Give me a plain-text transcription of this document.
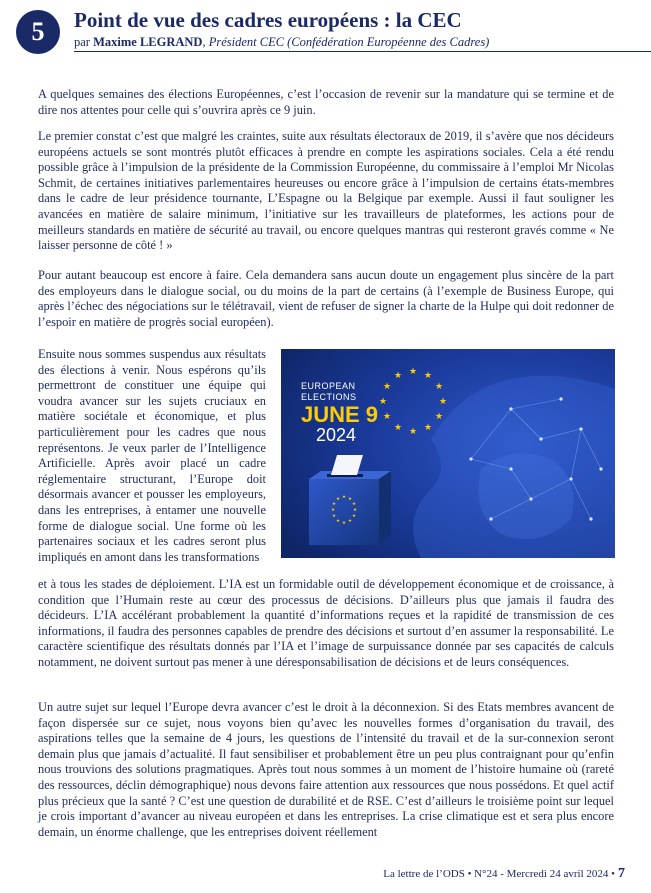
5	Point de vue des cadres européens : la CEC
par Maxime LEGRAND, Président CEC (Confédération Européenne des Cadres)

A quelques semaines des élections Européennes, c’est l’occasion de revenir sur la mandature qui se termine et de dire nos attentes pour celle qui s’ouvrira après ce 9 juin.

Le premier constat c’est que malgré les craintes, suite aux résultats électoraux de 2019, il s’avère que nos décideurs européens actuels se sont montrés plutôt efficaces à prendre en compte les aspirations sociales. Cela a été rendu possible grâce à l’impulsion de la présidente de la Commission Européenne, du commissaire à l’emploi Mr Nicolas Schmit, de certaines initiatives parlementaires heureuses ou encore grâce à l’impulsion de certains états-membres dans le cadre de leur présidence tournante, L’Espagne ou la Belgique par exemple. Aussi il faut souligner les avancées en matière de salaire minimum, l’initiative sur les travailleurs de plateformes, les actions pour de meilleurs standards en matière de sécurité au travail, ou encore quelques mantras qui resteront gravés comme « Ne laisser personne de côté ! »

Pour autant beaucoup est encore à faire. Cela demandera sans aucun doute un engagement plus sincère de la part des employeurs dans le dialogue social, ou du moins de la part de certains (à l’exemple de Business Europe, qui après l’échec des négociations sur le télétravail, vient de refuser de signer la charte de la Hulpe qui doit redonner de l’espoir en matière de progrès social européen).

Ensuite nous sommes suspendus aux résultats des élections à venir. Nous espérons qu’ils permettront de constituer une équipe qui voudra avancer sur les sujets cruciaux en matière sociétale et économique, et plus particulièrement pour les cadres que nous représentons. Je veux parler de l’Intelligence Artificielle. Après avoir placé un cadre réglementaire structurant, l’Europe doit désormais avancer et pousser les employeurs, dans les entreprises, à entamer une nouvelle forme de dialogue social. Une forme où les partenaires sociaux et les cadres seront plus impliqués en amont dans les transformations

★ ★
★
★
★
★
★
★
★
★
★
★
EUROPEAN
ELECTIONS
JUNE 9
2024
★ ★
★
★
★
★
★
★
★
★
★
★

et à tous les stades de déploiement. L’IA est un formidable outil de développement économique et de croissance, à condition que l’Humain reste au cœur des processus de décisions. D’ailleurs plus que jamais il faudra des décideurs. L’IA accélérant probablement la quantité d’informations reçues et la rapidité de transmission de ces informations, il faudra des personnes capables de prendre des décisions et surtout d’en assumer la responsabilité. Le caractère scientifique des résultats donnés par l’IA et l’image de surpuissance donnée par ses capacités de calculs notamment, ne doivent surtout pas mener à une déresponsabilisation de décisions et de leurs conséquences.

Un autre sujet sur lequel l’Europe devra avancer c’est le droit à la déconnexion. Si des Etats membres avancent de façon dispersée sur ce sujet, nous voyons bien qu’avec les nouvelles formes d’organisation du travail, des aspirations telles que la semaine de 4 jours, les questions de l’intensité du travail et de la sur-connexion seront demain plus que jamais d’actualité. Il faut sensibiliser et probablement être un peu plus contraignant pour qu’enfin nous trouvions des solutions pragmatiques. Après tout nous sommes à un moment de l’histoire humaine où (rareté des ressources, déclin démographique) nous devons faire attention aux ressources que nous possédons. Et quel actif plus précieux que la santé ? C’est une question de durabilité et de RSE. C’est d’ailleurs le troisième point sur lequel je crois important d’avancer au niveau européen et dans les entreprises. La crise climatique est et sera plus encore demain, un énorme challenge, que les entreprises doivent réellement

La lettre de l’ODS • N°24 - Mercredi 24 avril 2024 • 7
